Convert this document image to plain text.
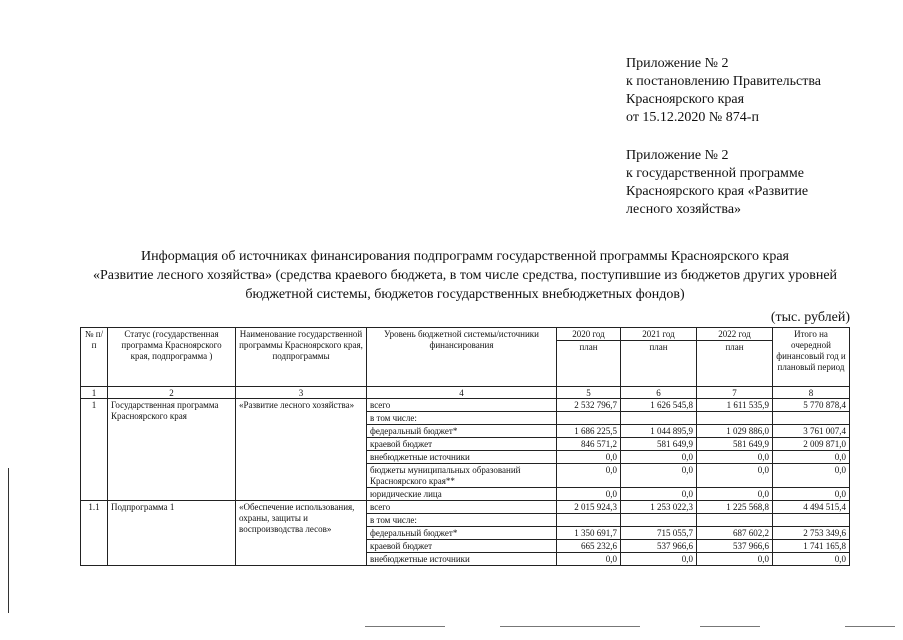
Приложение № 2
к постановлению Правительства
Красноярского края
от 15.12.2020 № 874-п
Приложение № 2
к государственной программе
Красноярского края «Развитие
лесного хозяйства»
Информация об источниках финансирования подпрограмм государственной программы Красноярского края
«Развитие лесного хозяйства» (средства краевого бюджета, в том числе средства, поступившие из бюджетов других уровней
бюджетной системы, бюджетов государственных внебюджетных фондов)
(тыс. рублей)
№ п/п	Статус (государственная программа Красноярского края, подпрограмма )	Наименование государственной программы Красноярского края, подпрограммы	Уровень бюджетной системы/источники финансирования	2020 год	2021 год	2022 год	Итого на очередной финансовый год и плановый период
				план	план	план	
1	2	3	4	5	6	7	8
1	Государственная программа Красноярского края	«Развитие лесного хозяйства»	всего	2 532 796,7	1 626 545,8	1 611 535,9	5 770 878,4
			в том числе:				
			федеральный бюджет*	1 686 225,5	1 044 895,9	1 029 886,0	3 761 007,4
			краевой бюджет	846 571,2	581 649,9	581 649,9	2 009 871,0
			внебюджетные источники	0,0	0,0	0,0	0,0
			бюджеты муниципальных образований Красноярского края**	0,0	0,0	0,0	0,0
			юридические лица	0,0	0,0	0,0	0,0
1.1	Подпрограмма 1	«Обеспечение использования, охраны, защиты и воспроизводства лесов»	всего	2 015 924,3	1 253 022,3	1 225 568,8	4 494 515,4
			в том числе:				
			федеральный бюджет*	1 350 691,7	715 055,7	687 602,2	2 753 349,6
			краевой бюджет	665 232,6	537 966,6	537 966,6	1 741 165,8
			внебюджетные источники	0,0	0,0	0,0	0,0
